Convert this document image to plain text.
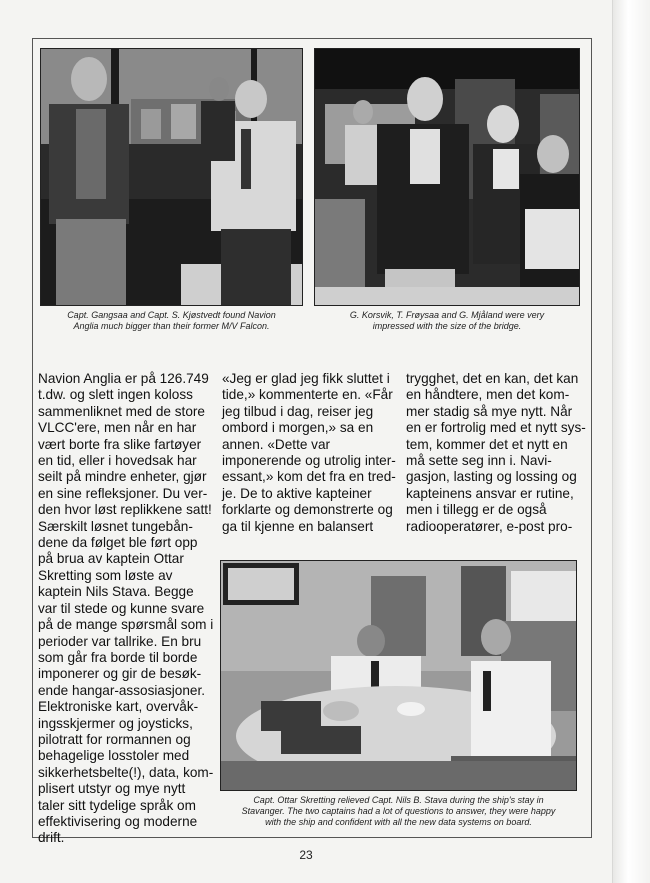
Capt. Gangsaa and Capt. S. Kjøstvedt found Navion
Anglia much bigger than their former M/V Falcon.
G. Korsvik, T. Frøysaa and G. Mjåland were very
impressed with the size of the bridge.
Navion Anglia er på 126.749
t.dw. og slett ingen koloss
sammenliknet med de store
VLCC'ere, men når en har
vært borte fra slike fartøyer
en tid, eller i hovedsak har
seilt på mindre enheter, gjør
en sine refleksjoner. Du ver-
den hvor løst replikkene satt!
Særskilt løsnet tungebån-
dene da følget ble ført opp
på brua av kaptein Ottar
Skretting som løste av
kaptein Nils Stava. Begge
var til stede og kunne svare
på de mange spørsmål som i
perioder var tallrike. En bru
som går fra borde til borde
imponerer og gir de besøk-
ende hangar-assosiasjoner.
Elektroniske kart, overvåk-
ingsskjermer og joysticks,
pilotratt for rormannen og
behagelige losstoler med
sikkerhetsbelte(!), data, kom-
plisert utstyr og mye nytt
taler sitt tydelige språk om
effektivisering og moderne
drift.
«Jeg er glad jeg fikk sluttet i
tide,» kommenterte en. «Får
jeg tilbud i dag, reiser jeg
ombord i morgen,» sa en
annen. «Dette var
imponerende og utrolig inter-
essant,» kom det fra en tred-
je. De to aktive kapteiner
forklarte og demonstrerte og
ga til kjenne en balansert
trygghet, det en kan, det kan
en håndtere, men det kom-
mer stadig så mye nytt. Når
en er fortrolig med et nytt sys-
tem, kommer det et nytt en
må sette seg inn i. Navi-
gasjon, lasting og lossing og
kapteinens ansvar er rutine,
men i tillegg er de også
radiooperatører, e-post pro-
Capt. Ottar Skretting relieved Capt. Nils B. Stava during the ship's stay in
Stavanger. The two captains had a lot of questions to answer, they were happy
with the ship and confident with all the new data systems on board.
23
